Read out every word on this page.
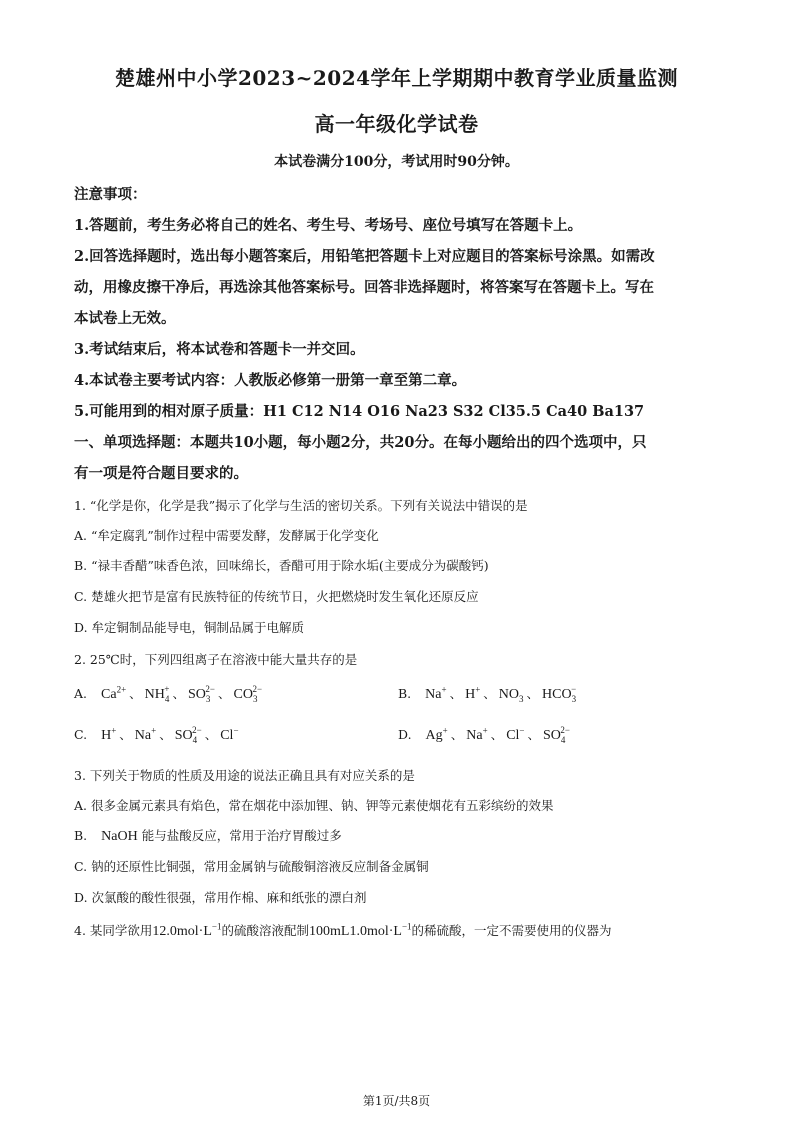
楚雄州中小学2023~2024学年上学期期中教育学业质量监测
高一年级化学试卷
本试卷满分100分，考试用时90分钟。
注意事项：
1.答题前，考生务必将自己的姓名、考生号、考场号、座位号填写在答题卡上。
2.回答选择题时，选出每小题答案后，用铅笔把答题卡上对应题目的答案标号涂黑。如需改
动，用橡皮擦干净后，再选涂其他答案标号。回答非选择题时，将答案写在答题卡上。写在
本试卷上无效。
3.考试结束后，将本试卷和答题卡一并交回。
4.本试卷主要考试内容：人教版必修第一册第一章至第二章。
5.可能用到的相对原子质量：H1 C12 N14 O16 Na23 S32 Cl35.5 Ca40 Ba137
一、单项选择题：本题共10小题，每小题2分，共20分。在每小题给出的四个选项中，只
有一项是符合题目要求的。
1. “化学是你，化学是我”揭示了化学与生活的密切关系。下列有关说法中错误的是
A. “牟定腐乳”制作过程中需要发酵，发酵属于化学变化
B. “禄丰香醋”味香色浓，回味绵长，香醋可用于除水垢(主要成分为碳酸钙)
C. 楚雄火把节是富有民族特征的传统节日，火把燃烧时发生氧化还原反应
D. 牟定铜制品能导电，铜制品属于电解质
2. 25℃时，下列四组离子在溶液中能大量共存的是
A. $Ca^{2+}$ 、 $NH_4^+$ 、 $SO_3^{2-}$ 、 $CO_3^{2-}$	B. Na+ 、 H+ 、 $NO_3$ 、 $HCO_3^-$
C. H+ 、 Na+ 、 $SO_4^{2-}$ 、 Cl−	D. Ag+ 、 Na+ 、 Cl− 、 $SO_4^{2-}$
3. 下列关于物质的性质及用途的说法正确且具有对应关系的是
A. 很多金属元素具有焰色，常在烟花中添加锂、钠、钾等元素使烟花有五彩缤纷的效果
B. NaOH 能与盐酸反应，常用于治疗胃酸过多
C. 钠的还原性比铜强，常用金属钠与硫酸铜溶液反应制备金属铜
D. 次氯酸的酸性很强，常用作棉、麻和纸张的漂白剂
4. 某同学欲用$12.0mol\cdot L^{-1}$的硫酸溶液配制$100mL1.0mol\cdot L^{-1}$的稀硫酸，一定不需要使用的仪器为
第1页/共8页
